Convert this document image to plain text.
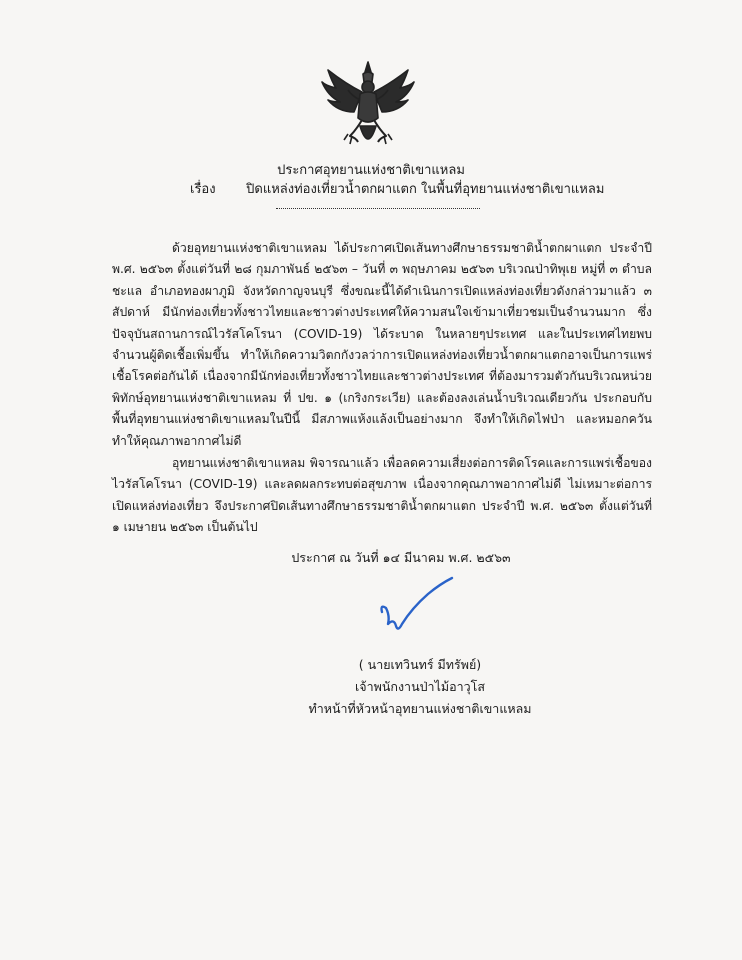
ประกาศอุทยานแห่งชาติเขาแหลม
เรื่อง ปิดแหล่งท่องเที่ยวน้ำตกผาแตก ในพื้นที่อุทยานแห่งชาติเขาแหลม
ด้วยอุทยานแห่งชาติเขาแหลม ได้ประกาศเปิดเส้นทางศึกษาธรรมชาติน้ำตกผาแตก ประจำปี พ.ศ. ๒๕๖๓ ตั้งแต่วันที่ ๒๘ กุมภาพันธ์ ๒๕๖๓ – วันที่ ๓ พฤษภาคม ๒๕๖๓ บริเวณป่าทิพุเย หมู่ที่ ๓ ตำบลชะแล อำเภอทองผาภูมิ จังหวัดกาญจนบุรี ซึ่งขณะนี้ได้ดำเนินการเปิดแหล่งท่องเที่ยวดังกล่าวมาแล้ว ๓ สัปดาห์ มีนักท่องเที่ยวทั้งชาวไทยและชาวต่างประเทศให้ความสนใจเข้ามาเที่ยวชมเป็นจำนวนมาก ซึ่งปัจจุบันสถานการณ์ไวรัสโคโรนา (COVID-19) ได้ระบาด ในหลายๆประเทศ และในประเทศไทยพบจำนวนผู้ติดเชื้อเพิ่มขึ้น ทำให้เกิดความวิตกกังวลว่าการเปิดแหล่งท่องเที่ยวน้ำตกผาแตกอาจเป็นการแพร่เชื้อโรคต่อกันได้ เนื่องจากมีนักท่องเที่ยวทั้งชาวไทยและชาวต่างประเทศ ที่ต้องมารวมตัวกันบริเวณหน่วยพิทักษ์อุทยานแห่งชาติเขาแหลม ที่ ปข. ๑ (เกริงกระเวีย) และต้องลงเล่นน้ำบริเวณเดียวกัน ประกอบกับพื้นที่อุทยานแห่งชาติเขาแหลมในปีนี้ มีสภาพแห้งแล้งเป็นอย่างมาก จึงทำให้เกิดไฟป่า และหมอกควัน ทำให้คุณภาพอากาศไม่ดี
อุทยานแห่งชาติเขาแหลม พิจารณาแล้ว เพื่อลดความเสี่ยงต่อการติดโรคและการแพร่เชื้อของไวรัสโคโรนา (COVID-19) และลดผลกระทบต่อสุขภาพ เนื่องจากคุณภาพอากาศไม่ดี ไม่เหมาะต่อการเปิดแหล่งท่องเที่ยว จึงประกาศปิดเส้นทางศึกษาธรรมชาติน้ำตกผาแตก ประจำปี พ.ศ. ๒๕๖๓ ตั้งแต่วันที่ ๑ เมษายน ๒๕๖๓ เป็นต้นไป
ประกาศ ณ วันที่ ๑๔ มีนาคม พ.ศ. ๒๕๖๓
( นายเทวินทร์ มีทรัพย์)
เจ้าพนักงานป่าไม้อาวุโส
ทำหน้าที่หัวหน้าอุทยานแห่งชาติเขาแหลม
